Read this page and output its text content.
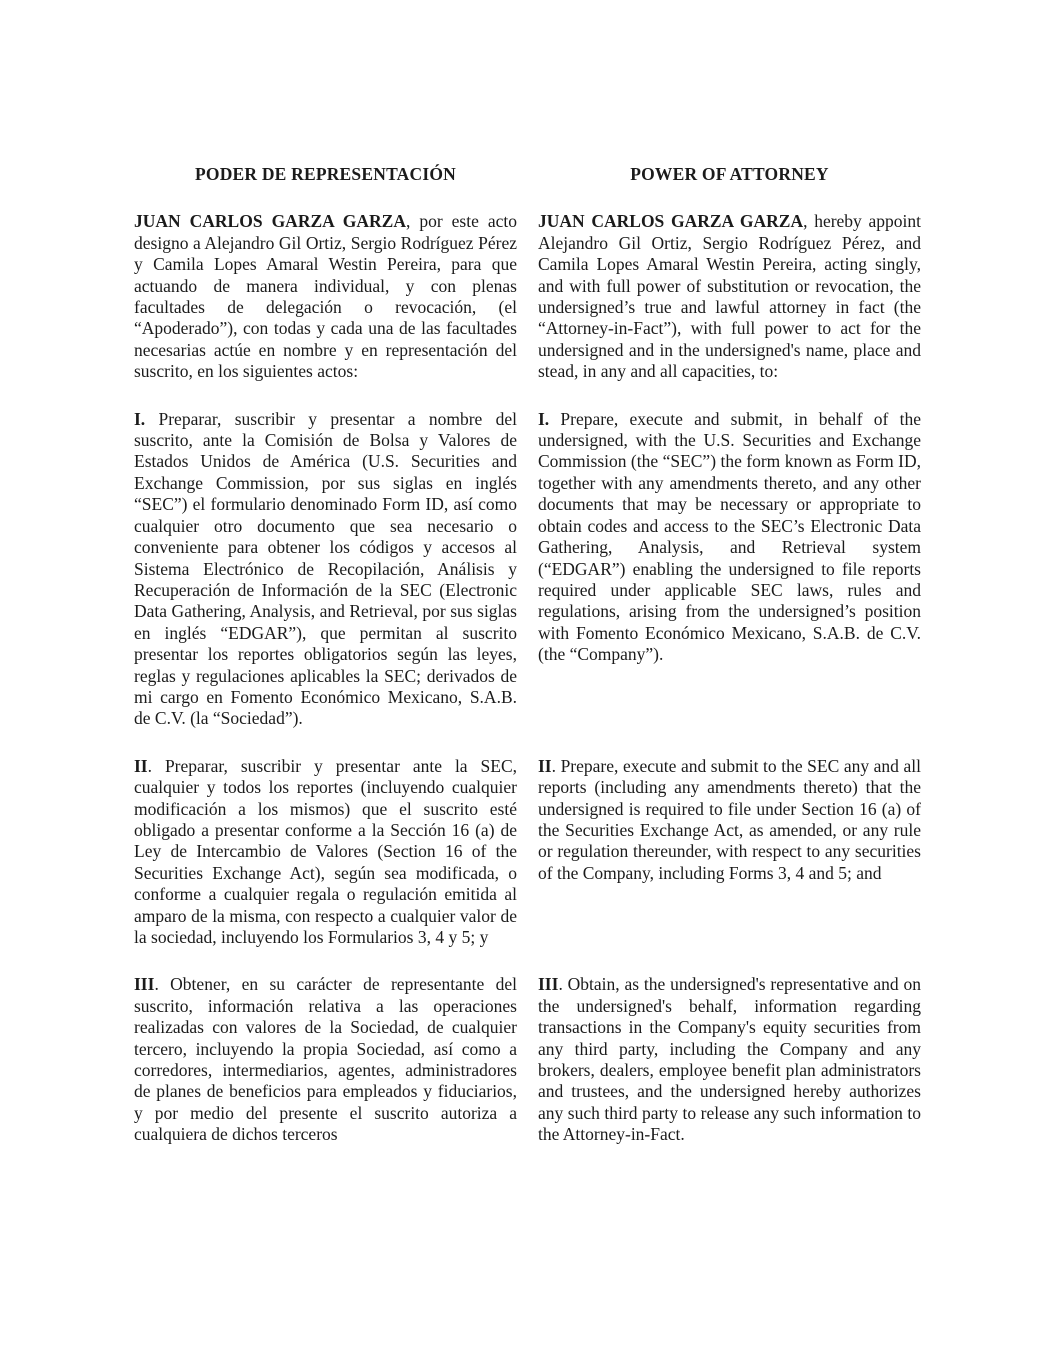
PODER DE REPRESENTACIÓN	POWER OF ATTORNEY

JUAN CARLOS GARZA GARZA, por este acto designo a Alejandro Gil Ortiz, Sergio Rodríguez Pérez y Camila Lopes Amaral Westin Pereira, para que actuando de manera individual, y con plenas facultades de delegación o revocación, (el “Apoderado”), con todas y cada una de las facultades necesarias actúe en nombre y en representación del suscrito, en los siguientes actos:

JUAN CARLOS GARZA GARZA, hereby appoint Alejandro Gil Ortiz, Sergio Rodríguez Pérez, and Camila Lopes Amaral Westin Pereira, acting singly, and with full power of substitution or revocation, the undersigned’s true and lawful attorney in fact (the “Attorney-in-Fact”), with full power to act for the undersigned and in the undersigned's name, place and stead, in any and all capacities, to:

I. Preparar, suscribir y presentar a nombre del suscrito, ante la Comisión de Bolsa y Valores de Estados Unidos de América (U.S. Securities and Exchange Commission, por sus siglas en inglés “SEC”) el formulario denominado Form ID, así como cualquier otro documento que sea necesario o conveniente para obtener los códigos y accesos al Sistema Electrónico de Recopilación, Análisis y Recuperación de Información de la SEC (Electronic Data Gathering, Analysis, and Retrieval, por sus siglas en inglés “EDGAR”), que permitan al suscrito presentar los reportes obligatorios según las leyes, reglas y regulaciones aplicables la SEC; derivados de mi cargo en Fomento Económico Mexicano, S.A.B. de C.V. (la “Sociedad”).

I. Prepare, execute and submit, in behalf of the undersigned, with the U.S. Securities and Exchange Commission (the “SEC”) the form known as Form ID, together with any amendments thereto, and any other documents that may be necessary or appropriate to obtain codes and access to the SEC’s Electronic Data Gathering, Analysis, and Retrieval system (“EDGAR”) enabling the undersigned to file reports required under applicable SEC laws, rules and regulations, arising from the undersigned’s position with Fomento Económico Mexicano, S.A.B. de C.V. (the “Company”).

II. Preparar, suscribir y presentar ante la SEC, cualquier y todos los reportes (incluyendo cualquier modificación a los mismos) que el suscrito esté obligado a presentar conforme a la Sección 16 (a) de Ley de Intercambio de Valores (Section 16 of the Securities Exchange Act), según sea modificada, o conforme a cualquier regala o regulación emitida al amparo de la misma, con respecto a cualquier valor de la sociedad, incluyendo los Formularios 3, 4 y 5; y

II. Prepare, execute and submit to the SEC any and all reports (including any amendments thereto) that the undersigned is required to file under Section 16 (a) of the Securities Exchange Act, as amended, or any rule or regulation thereunder, with respect to any securities of the Company, including Forms 3, 4 and 5; and

III. Obtener, en su carácter de representante del suscrito, información relativa a las operaciones realizadas con valores de la Sociedad, de cualquier tercero, incluyendo la propia Sociedad, así como a corredores, intermediarios, agentes, administradores de planes de beneficios para empleados y fiduciarios, y por medio del presente el suscrito autoriza a cualquiera de dichos terceros

III. Obtain, as the undersigned's representative and on the undersigned's behalf, information regarding transactions in the Company's equity securities from any third party, including the Company and any brokers, dealers, employee benefit plan administrators and trustees, and the undersigned hereby authorizes any such third party to release any such information to the Attorney-in-Fact.
